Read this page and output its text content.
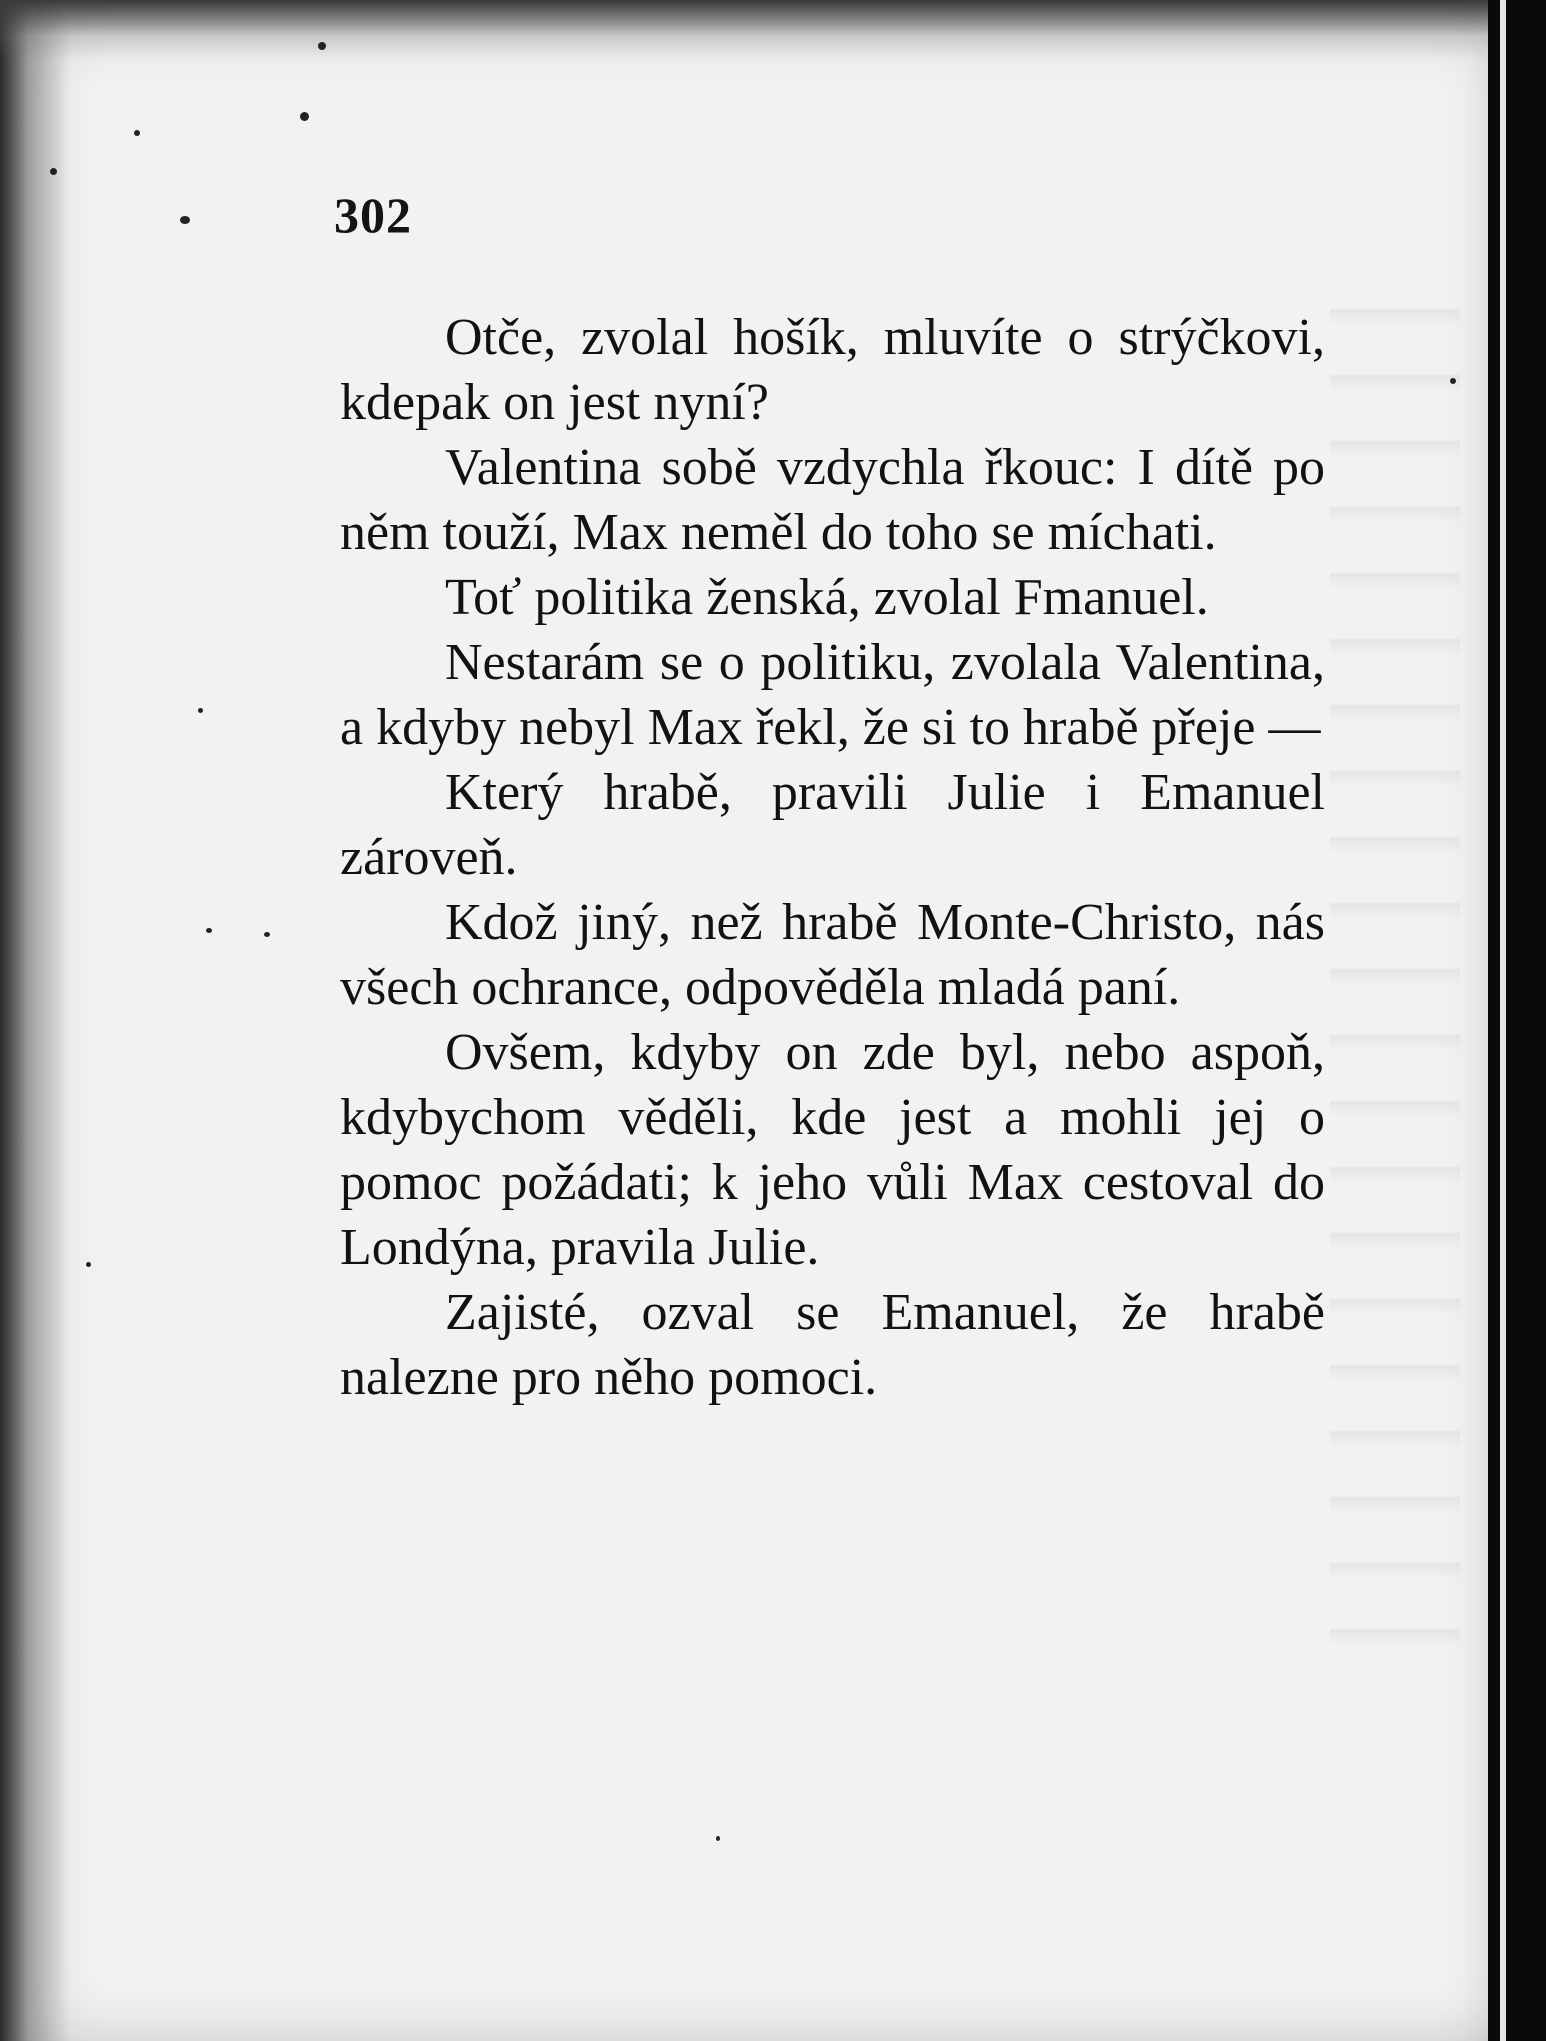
302

Otče, zvolal hošík, mluvíte o strýčkovi, kdepak on jest nyní?

Valentina sobě vzdychla řkouc: I dítě po něm touží, Max neměl do toho se míchati.

Toť politika ženská, zvolal Fmanuel.

Nestarám se o politiku, zvolala Valentina, a kdyby nebyl Max řekl, že si to hrabě přeje —

Který hrabě, pravili Julie i Emanuel zároveň.

Kdož jiný, než hrabě Monte-Christo, nás všech ochrance, odpověděla mladá paní.

Ovšem, kdyby on zde byl, nebo aspoň, kdybychom věděli, kde jest a mohli jej o pomoc požádati; k jeho vůli Max cestoval do Londýna, pravila Julie.

Zajisté, ozval se Emanuel, že hrabě nalezne pro něho pomoci.
